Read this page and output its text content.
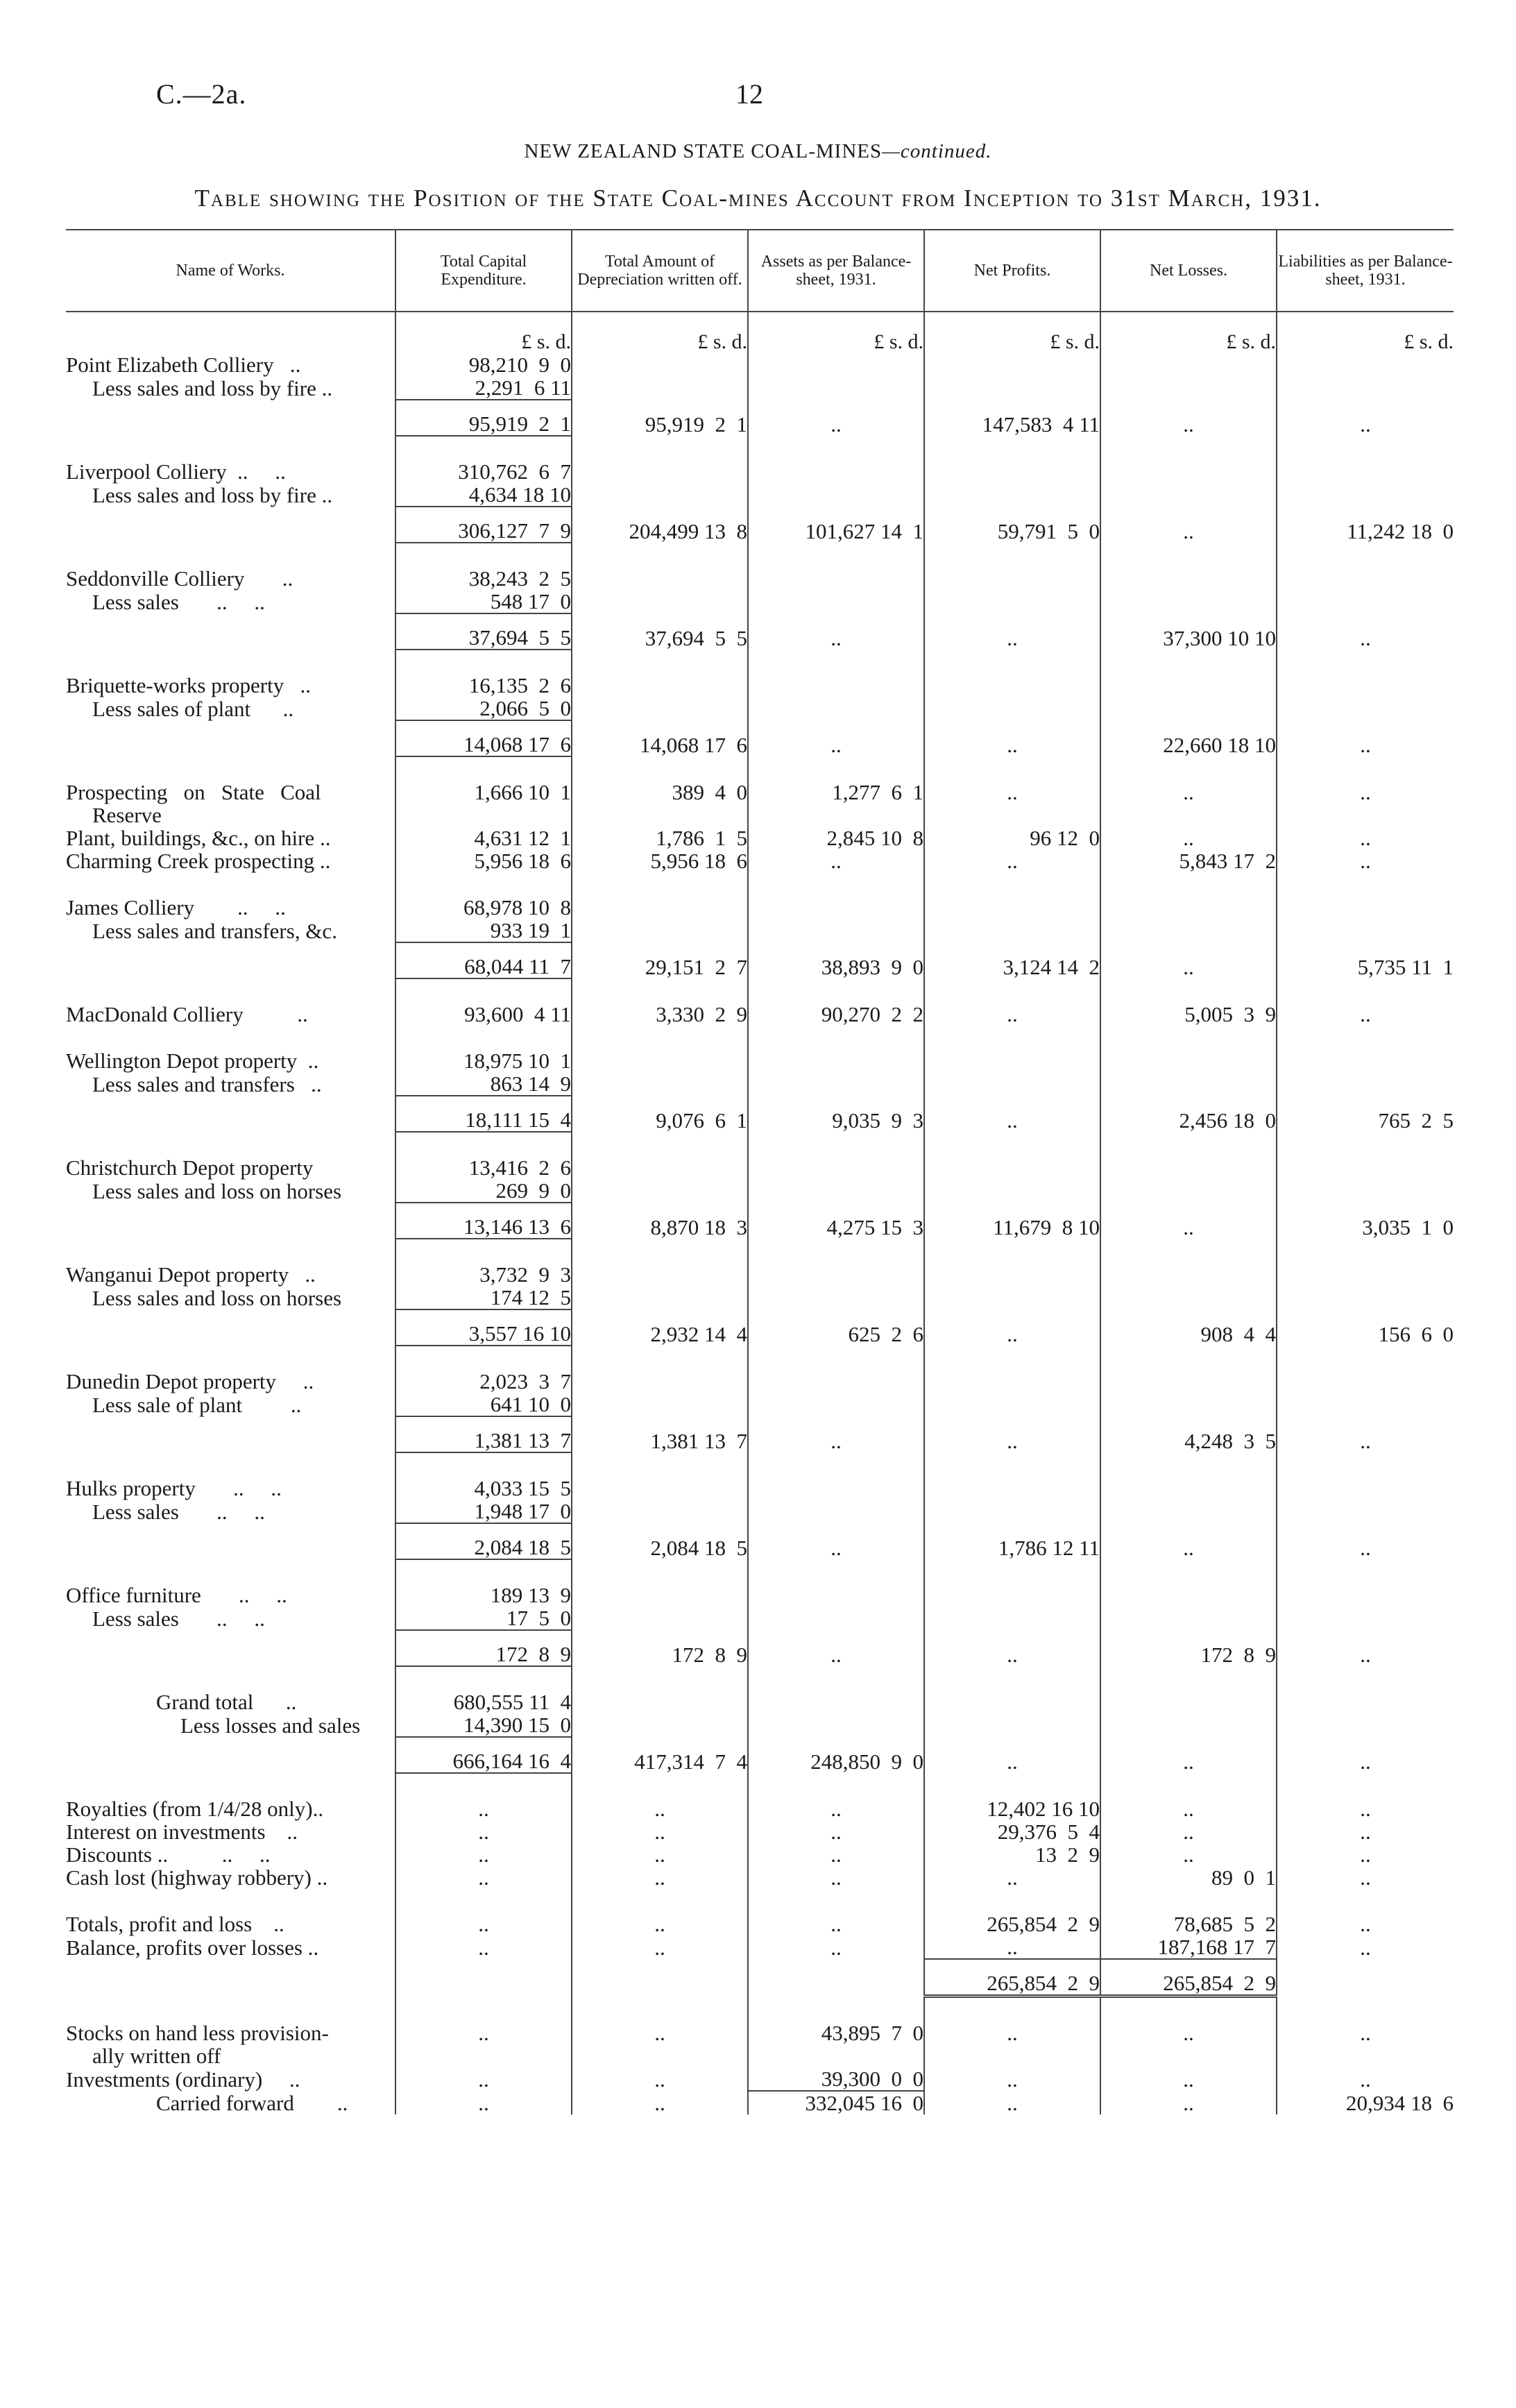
C.—2a.	12
NEW ZEALAND STATE COAL-MINES—continued.
Table showing the Position of the State Coal-mines Account from Inception to 31st March, 1931.
Name of Works.	Total Capital Expenditure.	Total Amount of Depreciation written off.	Assets as per Balance-sheet, 1931.	Net Profits.	Net Losses.	Liabilities as per Balance-sheet, 1931.
	£ s. d.	£ s. d.	£ s. d.	£ s. d.	£ s. d.	£ s. d.
Point Elizabeth Colliery   ..	98,210  9  0					
Less sales and loss by fire ..	2,291  6 11					
	95,919  2  1	95,919  2  1	..	147,583  4 11	..	..

Liverpool Colliery  ..     ..	310,762  6  7					
Less sales and loss by fire ..	4,634 18 10					
	306,127  7  9	204,499 13  8	101,627 14  1	59,791  5  0	..	11,242 18  0

Seddonville Colliery       ..	38,243  2  5					
Less sales       ..     ..	548 17  0					
	37,694  5  5	37,694  5  5	..	..	37,300 10 10	..

Briquette-works property   ..	16,135  2  6					
Less sales of plant      ..	2,066  5  0					
	14,068 17  6	14,068 17  6	..	..	22,660 18 10	..

Prospecting   on   State   Coal	1,666 10  1	389  4  0	1,277  6  1	..	..	..
Reserve						
Plant, buildings, &c., on hire ..	4,631 12  1	1,786  1  5	2,845 10  8	96 12  0	..	..
Charming Creek prospecting ..	5,956 18  6	5,956 18  6	..	..	5,843 17  2	..

James Colliery        ..     ..	68,978 10  8					
Less sales and transfers, &c.	933 19  1					
	68,044 11  7	29,151  2  7	38,893  9  0	3,124 14  2	..	5,735 11  1

MacDonald Colliery          ..	93,600  4 11	3,330  2  9	90,270  2  2	..	5,005  3  9	..

Wellington Depot property  ..	18,975 10  1					
Less sales and transfers   ..	863 14  9					
	18,111 15  4	9,076  6  1	9,035  9  3	..	2,456 18  0	765  2  5

Christchurch Depot property	13,416  2  6					
Less sales and loss on horses	269  9  0					
	13,146 13  6	8,870 18  3	4,275 15  3	11,679  8 10	..	3,035  1  0

Wanganui Depot property   ..	3,732  9  3					
Less sales and loss on horses	174 12  5					
	3,557 16 10	2,932 14  4	625  2  6	..	908  4  4	156  6  0

Dunedin Depot property     ..	2,023  3  7					
Less sale of plant         ..	641 10  0					
	1,381 13  7	1,381 13  7	..	..	4,248  3  5	..

Hulks property       ..     ..	4,033 15  5					
Less sales       ..     ..	1,948 17  0					
	2,084 18  5	2,084 18  5	..	1,786 12 11	..	..

Office furniture       ..     ..	189 13  9					
Less sales       ..     ..	17  5  0					
	172  8  9	172  8  9	..	..	172  8  9	..

Grand total      ..	680,555 11  4					
Less losses and sales	14,390 15  0					
	666,164 16  4	417,314  7  4	248,850  9  0	..	..	..

Royalties (from 1/4/28 only)..	..	..	..	12,402 16 10	..	..
Interest on investments    ..	..	..	..	29,376  5  4	..	..
Discounts ..          ..     ..	..	..	..	13  2  9	..	..
Cash lost (highway robbery) ..	..	..	..	..	89  0  1	..

Totals, profit and loss    ..	..	..	..	265,854  2  9	78,685  5  2	..
Balance, profits over losses ..	..	..	..	..	187,168 17  7	..
				265,854  2  9	265,854  2  9	

Stocks on hand less provision-	..	..	43,895  7  0	..	..	..
ally written off						
Investments (ordinary)     ..	..	..	39,300  0  0	..	..	..
Carried forward        ..	..	..	332,045 16  0	..	..	20,934 18  6
